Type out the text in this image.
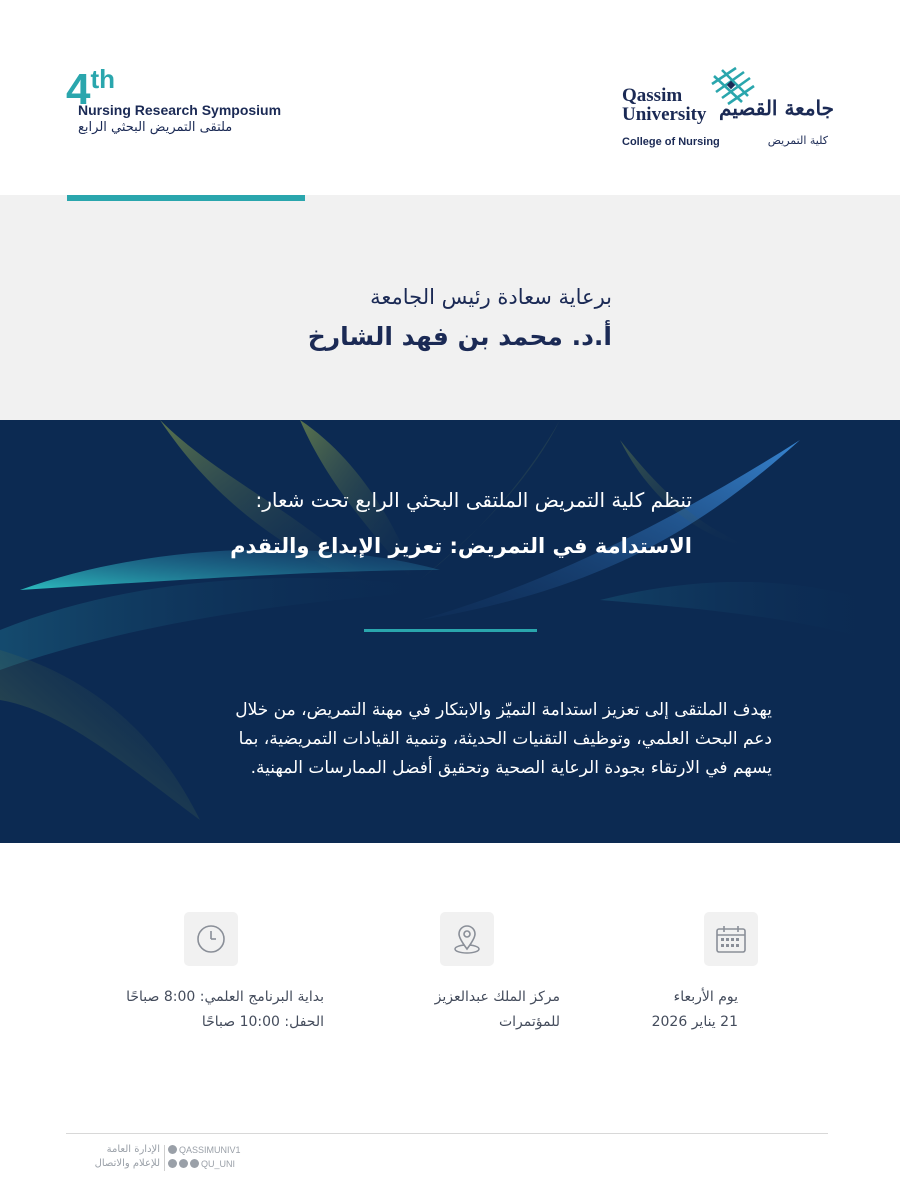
4th
Nursing Research Symposium
ملتقى التمريض البحثي الرابع
Qassim
University جامعة القصيم
College of Nursing	كلية التمريض
برعاية سعادة رئيس الجامعة
أ.د. محمد بن فهد الشارخ
تنظم كلية التمريض الملتقى البحثي الرابع تحت شعار:
الاستدامة في التمريض: تعزيز الإبداع والتقدم

يهدف الملتقى إلى تعزيز استدامة التميّز والابتكار في مهنة التمريض، من خلال

دعم البحث العلمي، وتوظيف التقنيات الحديثة، وتنمية القيادات التمريضية، بما

يسهم في الارتقاء بجودة الرعاية الصحية وتحقيق أفضل الممارسات المهنية.

يوم الأربعاء
21 يناير 2026
مركز الملك عبدالعزيز
للمؤتمرات
بداية البرنامج العلمي: 8:00 صباحًا
الحفل: 10:00 صباحًا
الإدارة العامة
للإعلام والاتصال
QASSIMUNIV1
QU_UNI
